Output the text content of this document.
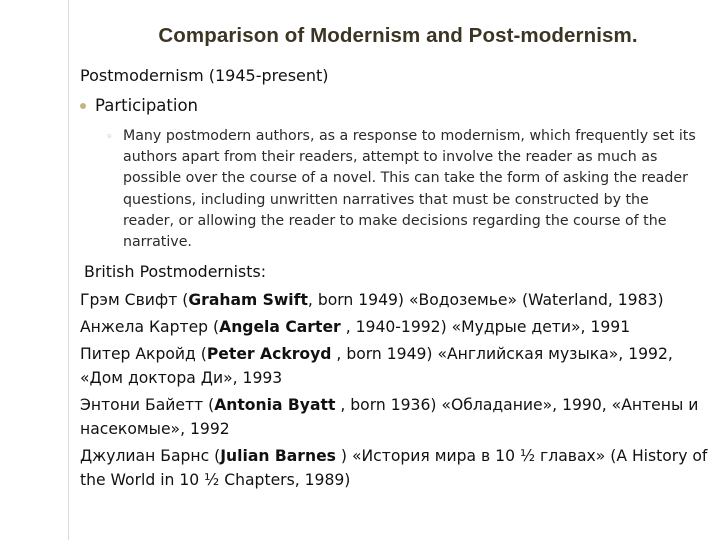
Comparison of Modernism and Post-modernism.
Postmodernism (1945-present)
Participation
◦ Many postmodern authors, as a response to modernism, which frequently set its authors apart from their readers, attempt to involve the reader as much as possible over the course of a novel. This can take the form of asking the reader questions, including unwritten narratives that must be constructed by the reader, or allowing the reader to make decisions regarding the course of the narrative.

British Postmodernists:
Грэм Свифт (Graham Swift, born 1949) «Водоземье» (Waterland, 1983)
Анжела Картер (Angela Carter , 1940-1992) «Мудрые дети», 1991
Питер Акройд (Peter Ackroyd , born 1949) «Английская музыка», 1992, «Дом доктора Ди», 1993
Энтони Байетт (Antonia Byatt , born 1936) «Обладание», 1990, «Антены и насекомые», 1992
Джулиан Барнс (Julian Barnes ) «История мира в 10 ½ главах» (A History of the World in 10 ½ Chapters, 1989)
